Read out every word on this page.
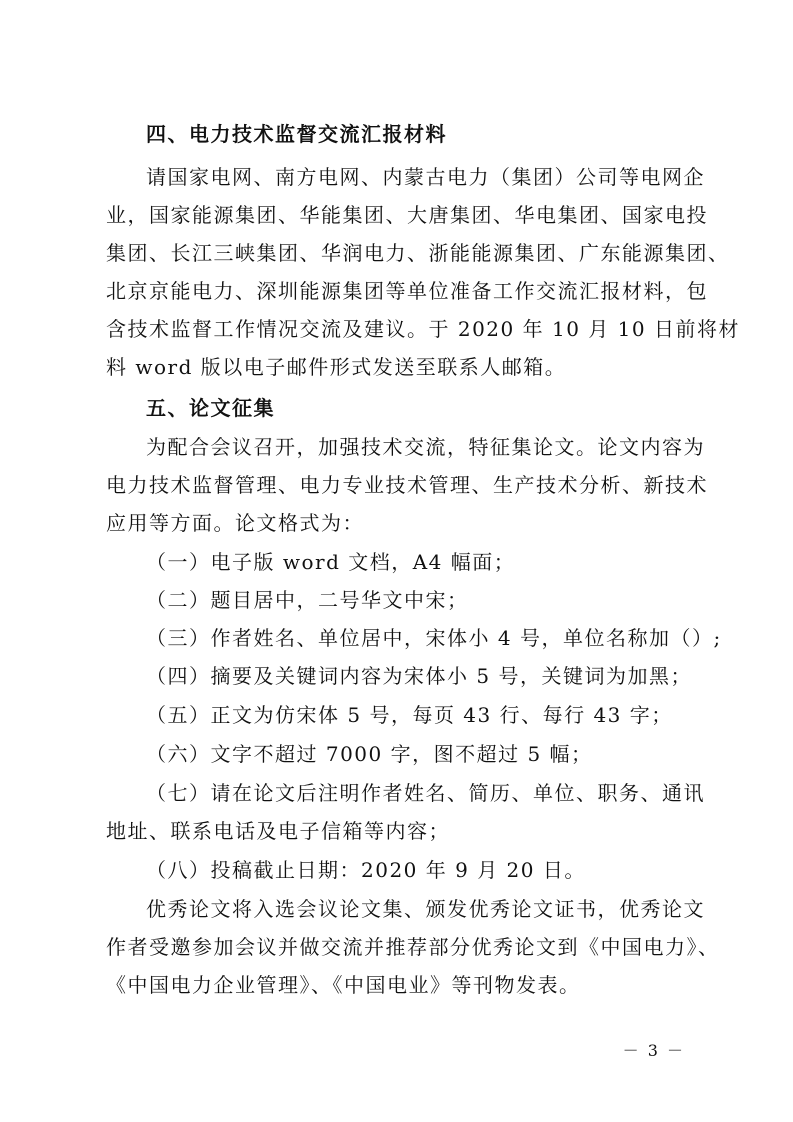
四、电力技术监督交流汇报材料
请国家电网、南方电网、内蒙古电力（集团）公司等电网企
业，国家能源集团、华能集团、大唐集团、华电集团、国家电投
集团、长江三峡集团、华润电力、浙能能源集团、广东能源集团、
北京京能电力、深圳能源集团等单位准备工作交流汇报材料，包
含技术监督工作情况交流及建议。于 2020 年 10 月 10 日前将材
料 word 版以电子邮件形式发送至联系人邮箱。
五、论文征集
为配合会议召开，加强技术交流，特征集论文。论文内容为
电力技术监督管理、电力专业技术管理、生产技术分析、新技术
应用等方面。论文格式为：
（一）电子版 word 文档，A4 幅面；
（二）题目居中，二号华文中宋；
（三）作者姓名、单位居中，宋体小 4 号，单位名称加（）;
（四）摘要及关键词内容为宋体小 5 号，关键词为加黑；
（五）正文为仿宋体 5 号，每页 43 行、每行 43 字；
（六）文字不超过 7000 字，图不超过 5 幅；
（七）请在论文后注明作者姓名、简历、单位、职务、通讯
地址、联系电话及电子信箱等内容；
（八）投稿截止日期：2020 年 9 月 20 日。
优秀论文将入选会议论文集、颁发优秀论文证书，优秀论文
作者受邀参加会议并做交流并推荐部分优秀论文到《中国电力》、
《中国电力企业管理》、《中国电业》等刊物发表。
－ 3 －
